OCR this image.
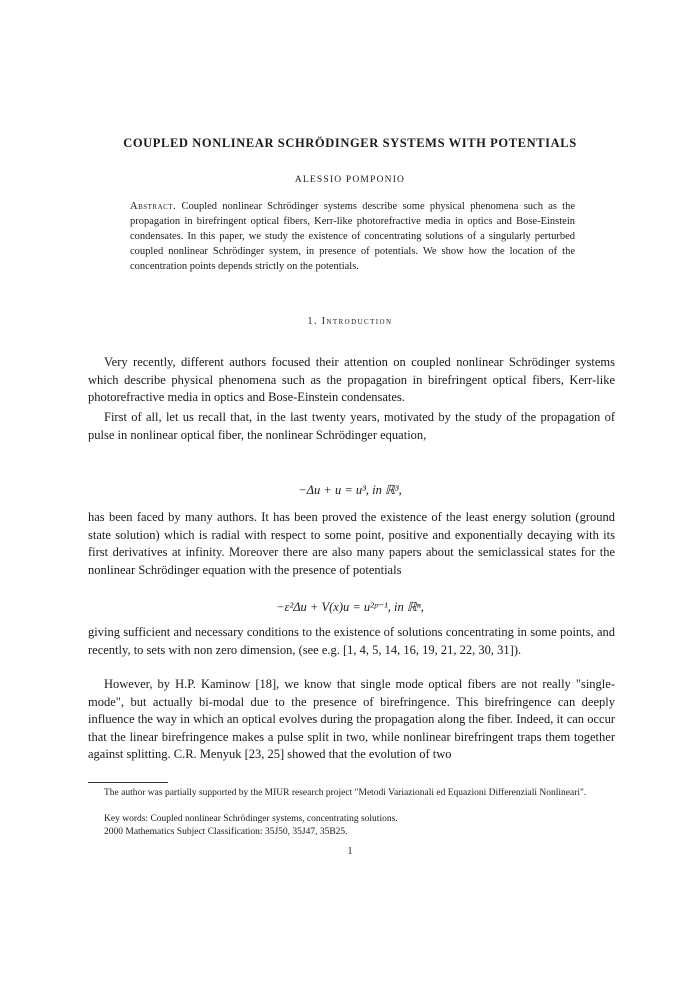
COUPLED NONLINEAR SCHRÖDINGER SYSTEMS WITH POTENTIALS
ALESSIO POMPONIO
Abstract. Coupled nonlinear Schrödinger systems describe some physical phenomena such as the propagation in birefringent optical fibers, Kerr-like photorefractive media in optics and Bose-Einstein condensates. In this paper, we study the existence of concentrating solutions of a singularly perturbed coupled nonlinear Schrödinger system, in presence of potentials. We show how the location of the concentration points depends strictly on the potentials.
1. Introduction
Very recently, different authors focused their attention on coupled nonlinear Schrödinger systems which describe physical phenomena such as the propagation in birefringent optical fibers, Kerr-like photorefractive media in optics and Bose-Einstein condensates.
First of all, let us recall that, in the last twenty years, motivated by the study of the propagation of pulse in nonlinear optical fiber, the nonlinear Schrödinger equation,
−Δu + u = u³, in ℝ³,
has been faced by many authors. It has been proved the existence of the least energy solution (ground state solution) which is radial with respect to some point, positive and exponentially decaying with its first derivatives at infinity. Moreover there are also many papers about the semiclassical states for the nonlinear Schrödinger equation with the presence of potentials
−ε²Δu + V(x)u = u²ᵖ⁻¹, in ℝⁿ,
giving sufficient and necessary conditions to the existence of solutions concentrating in some points, and recently, to sets with non zero dimension, (see e.g. [1, 4, 5, 14, 16, 19, 21, 22, 30, 31]).
However, by H.P. Kaminow [18], we know that single mode optical fibers are not really "single-mode", but actually bi-modal due to the presence of birefringence. This birefringence can deeply influence the way in which an optical evolves during the propagation along the fiber. Indeed, it can occur that the linear birefringence makes a pulse split in two, while nonlinear birefringent traps them together against splitting. C.R. Menyuk [23, 25] showed that the evolution of two
The author was partially supported by the MIUR research project "Metodi Variazionali ed Equazioni Differenziali Nonlineari".
Key words: Coupled nonlinear Schrödinger systems, concentrating solutions.
2000 Mathematics Subject Classification: 35J50, 35J47, 35B25.
1
